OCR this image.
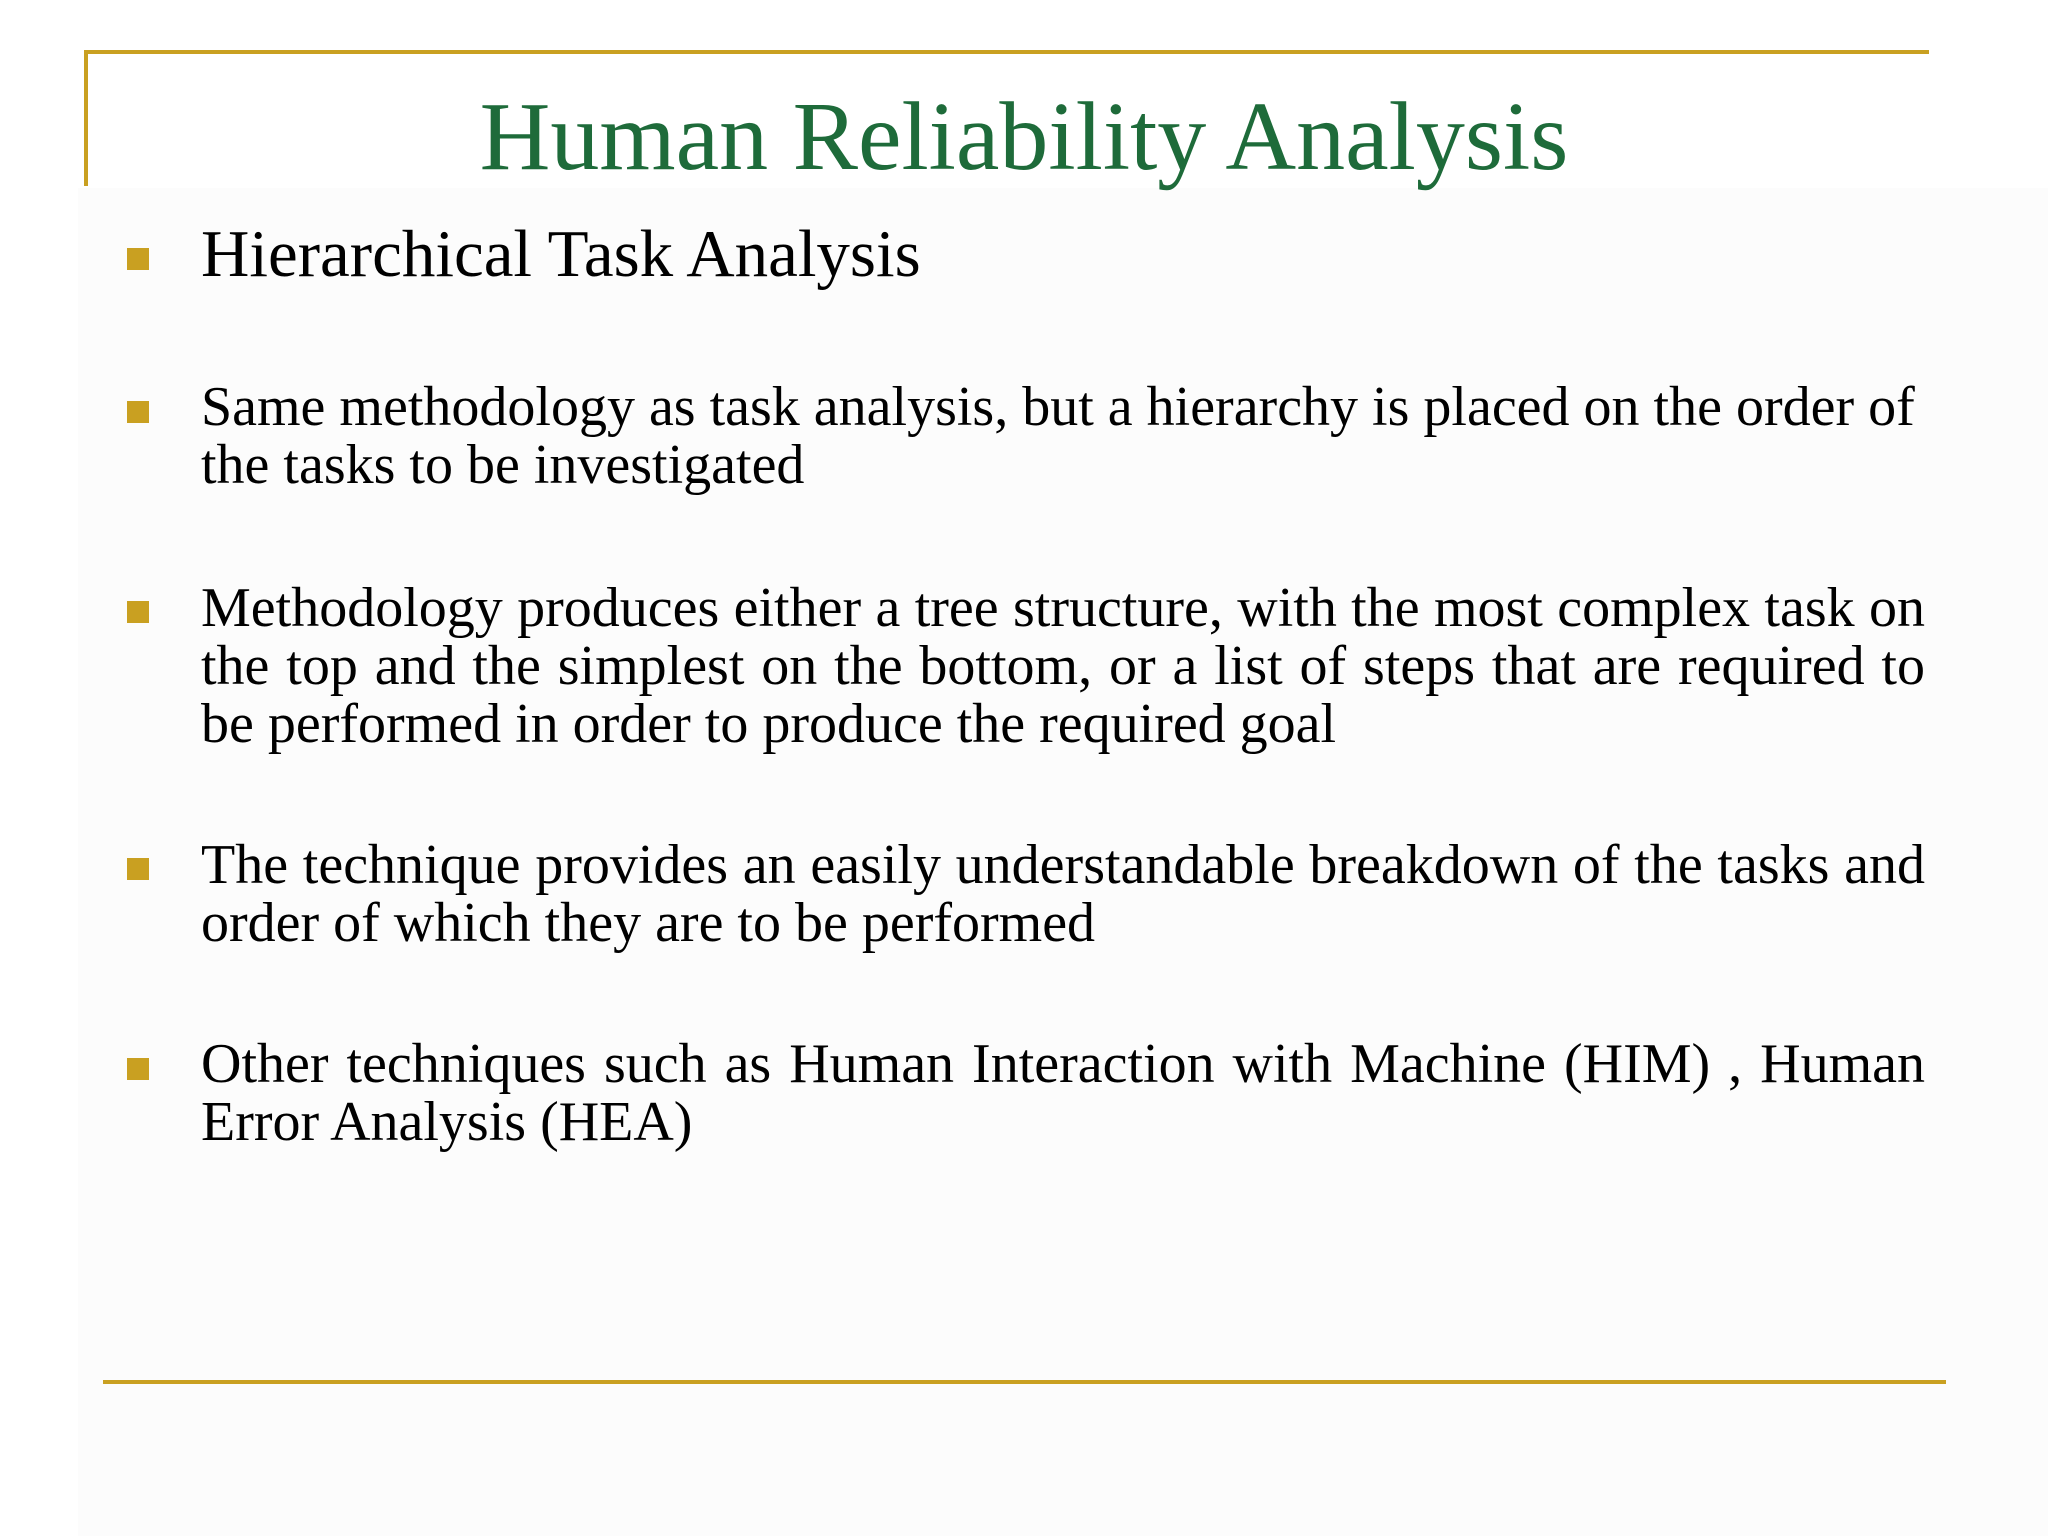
Human Reliability Analysis
Hierarchical Task Analysis
Same methodology as task analysis, but a hierarchy is placed on the order of the tasks to be investigated
Methodology produces either a tree structure, with the most complex task on the top and the simplest on the bottom, or a list of steps that are required to be performed in order to produce the required goal
The technique provides an easily understandable breakdown of the tasks and order of which they are to be performed
Other techniques such as Human Interaction with Machine (HIM) , Human Error Analysis (HEA)
